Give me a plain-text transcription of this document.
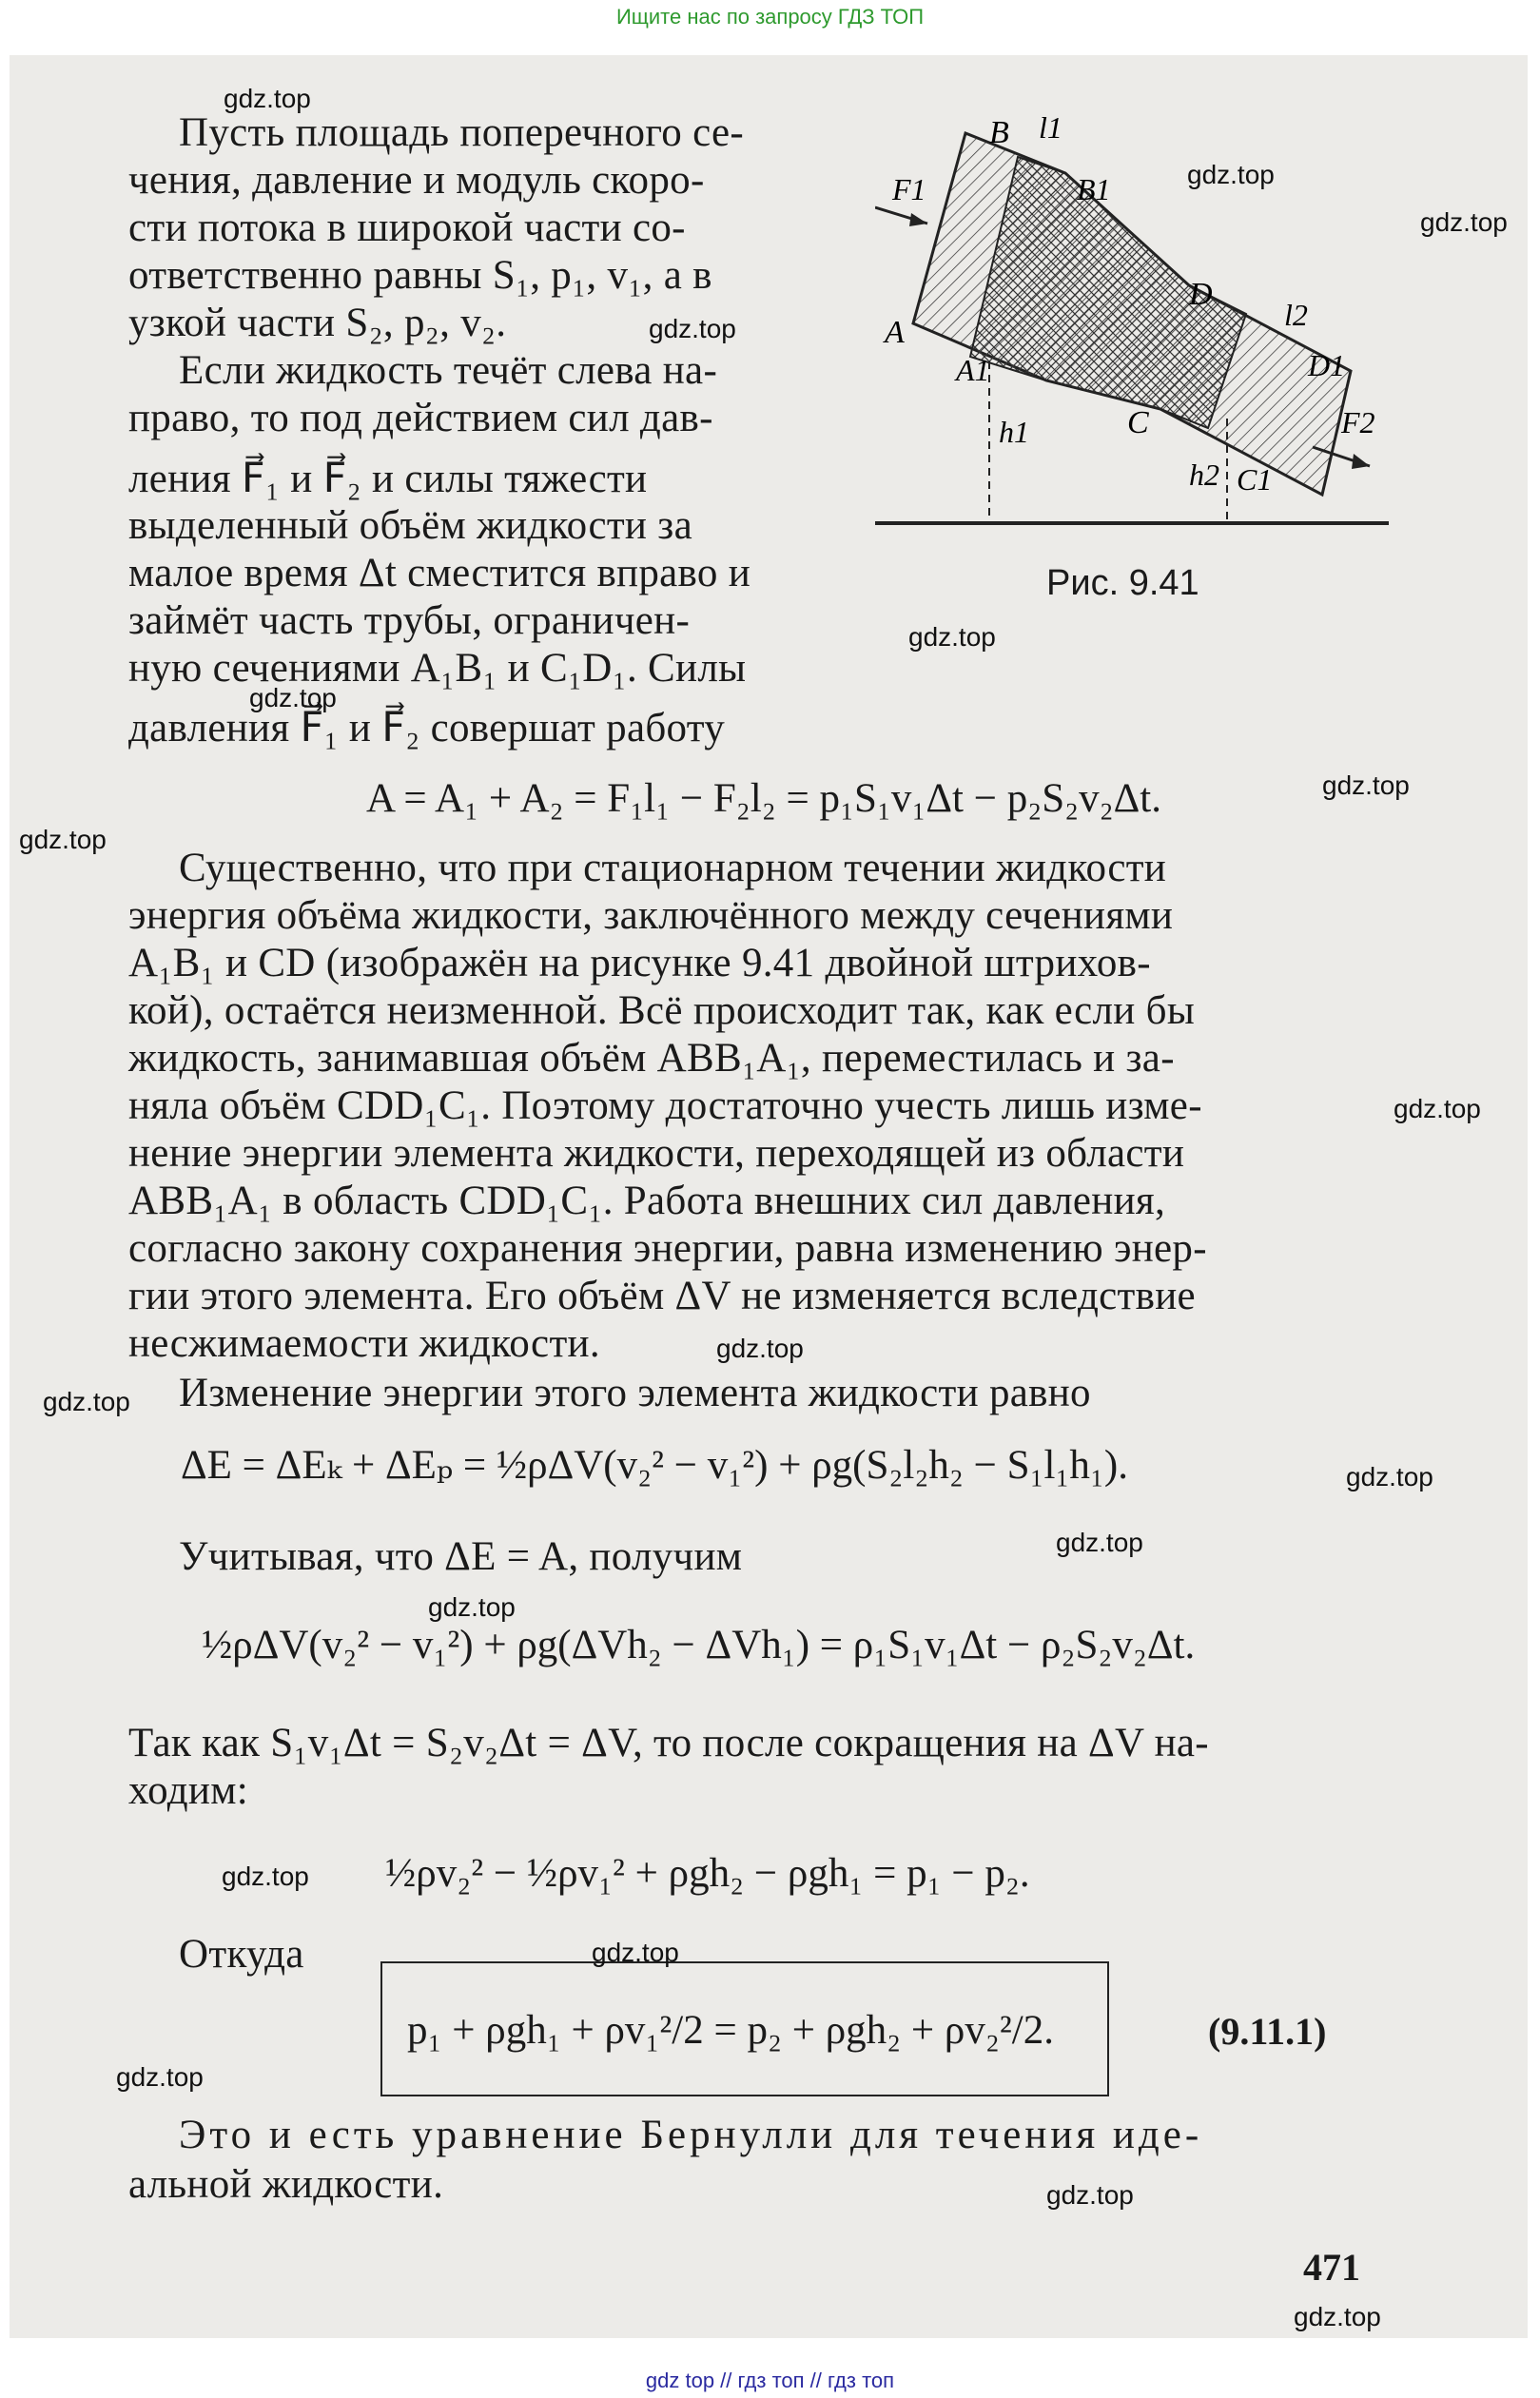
Ищите нас по запросу ГДЗ ТОП
B l1
F1	B1
D
l2
A
A1	D1
C
h1	F2
h2 C1
Рис. 9.41
Пусть площадь поперечного се-
чения, давление и модуль скоро-
сти потока в широкой части со-
ответственно равны S₁, p₁, v₁, а в
узкой части S₂, p₂, v₂.
Если жидкость течёт слева на-
право, то под действием сил дав-
ления F⃗₁ и F⃗₂ и силы тяжести
выделенный объём жидкости за
малое время Δt сместится вправо и
займёт часть трубы, ограничен-
ную сечениями A₁B₁ и C₁D₁. Силы
давления F⃗₁ и F⃗₂ совершат работу
A = A₁ + A₂ = F₁l₁ − F₂l₂ = p₁S₁v₁Δt − p₂S₂v₂Δt.
Существенно, что при стационарном течении жидкости
энергия объёма жидкости, заключённого между сечениями
A₁B₁ и CD (изображён на рисунке 9.41 двойной штрихов-
кой), остаётся неизменной. Всё происходит так, как если бы
жидкость, занимавшая объём ABB₁A₁, переместилась и за-
няла объём CDD₁C₁. Поэтому достаточно учесть лишь изме-
нение энергии элемента жидкости, переходящей из области
ABB₁A₁ в область CDD₁C₁. Работа внешних сил давления,
согласно закону сохранения энергии, равна изменению энер-
гии этого элемента. Его объём ΔV не изменяется вследствие
несжимаемости жидкости.
Изменение энергии этого элемента жидкости равно
ΔE = ΔEₖ + ΔEₚ = ½ρΔV(v₂² − v₁²) + ρg(S₂l₂h₂ − S₁l₁h₁).
Учитывая, что ΔE = A, получим
½ρΔV(v₂² − v₁²) + ρg(ΔVh₂ − ΔVh₁) = ρ₁S₁v₁Δt − ρ₂S₂v₂Δt.
Так как S₁v₁Δt = S₂v₂Δt = ΔV, то после сокращения на ΔV на-
ходим:
½ρv₂² − ½ρv₁² + ρgh₂ − ρgh₁ = p₁ − p₂.
Откуда
p₁ + ρgh₁ + ρv₁²/2 = p₂ + ρgh₂ + ρv₂²/2.	(9.11.1)
Это и есть уравнение Бернулли для течения иде-
альной жидкости.
471
gdz.top
gdz.top
gdz.top
gdz.top
gdz.top
gdz.top
gdz.top
gdz.top
gdz.top
gdz.top
gdz.top
gdz.top
gdz.top
gdz.top
gdz.top
gdz.top
gdz.top
gdz.top
gdz.top
gdz top // гдз топ // гдз топ
